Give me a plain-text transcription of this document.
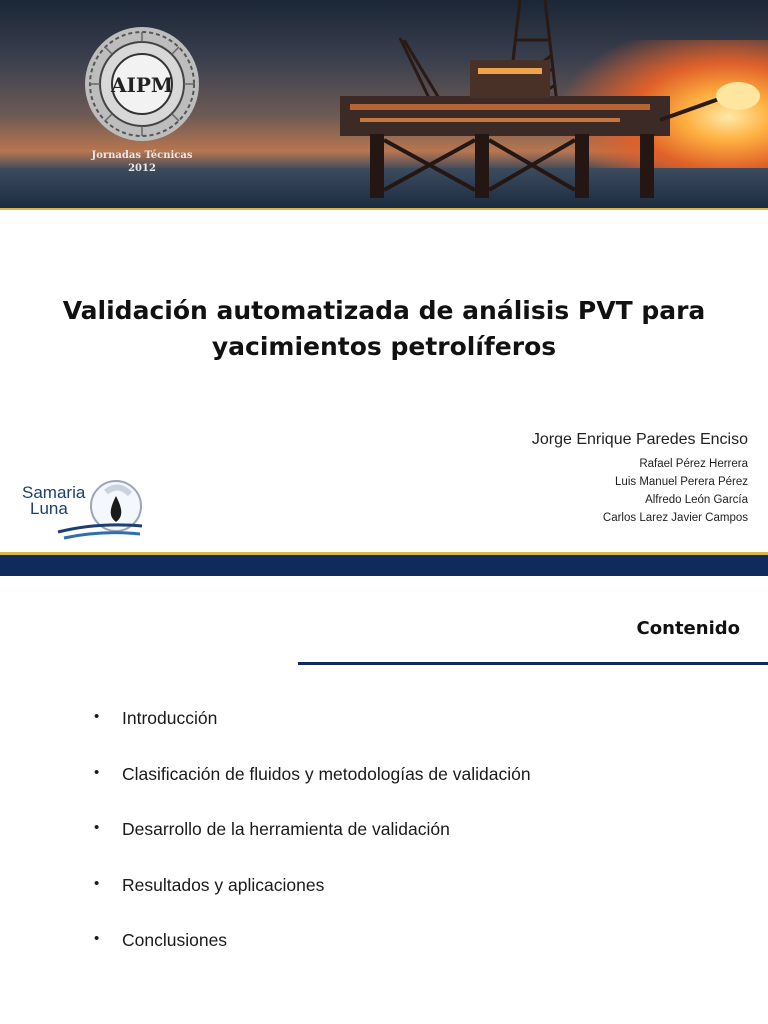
AIPM
Jornadas Técnicas
2012
Validación automatizada de análisis PVT para yacimientos petrolíferos
Jorge Enrique Paredes Enciso
Rafael Pérez Herrera
Luis Manuel Perera Pérez
Alfredo León García
Carlos Larez Javier Campos
Samaria
Luna
Contenido
• Introducción
• Clasificación de fluidos y metodologías de validación
• Desarrollo de la herramienta de validación
• Resultados y aplicaciones
• Conclusiones
